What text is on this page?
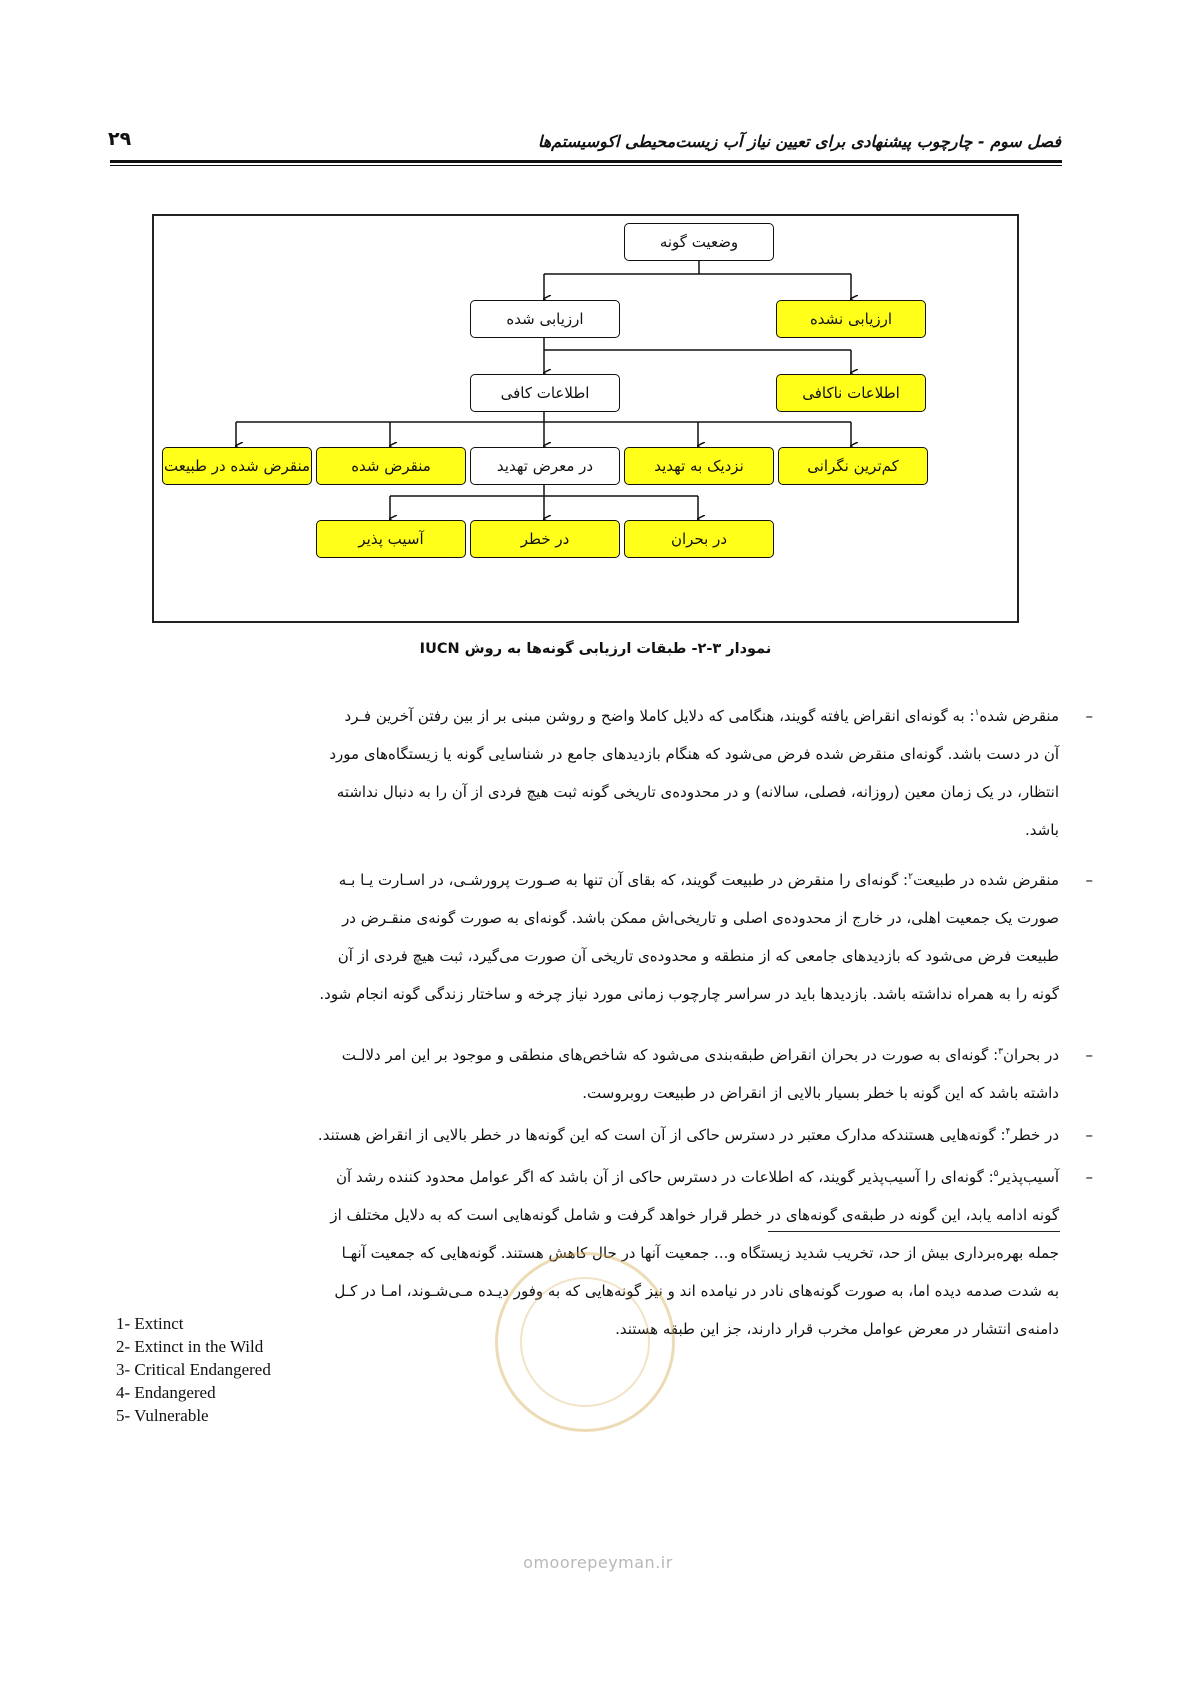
فصل سوم - چارچوب پیشنهادی برای تعیین نیاز آب زیست‌محیطی اکوسیستم‌ها
۲۹
وضعیت گونه
ارزیابی شده	ارزیابی نشده
اطلاعات کافی	اطلاعات ناکافی
منقرض شده در طبیعت	منقرض شده	در معرض تهدید	نزدیک به تهدید	کم‌ترین نگرانی
آسیب پذیر	در خطر	در بحران
نمودار ۳-۲- طبقات ارزیابی گونه‌ها به روش IUCN
–
منقرض شده$^۱$: به گونه‌ای انقراض یافته گویند، هنگامی که دلایل کاملا واضح و روشن مبنی بر از بین رفتن آخرین فـرد
آن در دست باشد. گونه‌ای منقرض شده فرض می‌شود که هنگام بازدیدهای جامع در شناسایی گونه یا زیستگاه‌های مورد
انتظار، در یک زمان معین (روزانه، فصلی، سالانه) و در محدوده‌ی تاریخی گونه ثبت هیچ فردی از آن را به دنبال نداشته
باشد.
–
منقرض شده در طبیعت$^۲$: گونه‌ای را منقرض در طبیعت گویند، که بقای آن تنها به صـورت پرورشـی، در اسـارت یـا بـه
صورت یک جمعیت اهلی، در خارج از محدوده‌ی اصلی و تاریخی‌اش ممکن باشد. گونه‌ای به صورت گونه‌ی منقـرض در
طبیعت فرض می‌شود که بازدیدهای جامعی که از منطقه و محدوده‌ی تاریخی آن صورت می‌گیرد، ثبت هیچ فردی از آن
گونه را به همراه نداشته باشد. بازدیدها باید در سراسر چارچوب زمانی مورد نیاز چرخه و ساختار زندگی گونه انجام شود.
–
در بحران$^۳$: گونه‌ای به صورت در بحران انقراض طبقه‌بندی می‌شود که شاخص‌های منطقی و موجود بر این امر دلالـت
داشته باشد که این گونه با خطر بسیار بالایی از انقراض در طبیعت روبروست.
–
در خطر$^۴$: گونه‌هایی هستندکه مدارک معتبر در دسترس حاکی از آن است که این گونه‌ها در خطر بالایی از انقراض هستند.
–
آسیب‌پذیر$^۵$: گونه‌ای را آسیب‌پذیر گویند، که اطلاعات در دسترس حاکی از آن باشد که اگر عوامل محدود کننده رشد آن
گونه ادامه یابد، این گونه در طبقه‌ی گونه‌های در خطر قرار خواهد گرفت و شامل گونه‌هایی است که به دلایل مختلف از
جمله بهره‌برداری بیش از حد، تخریب شدید زیستگاه و... جمعیت آنها در حال کاهش هستند. گونه‌هایی که جمعیت آنهـا
به شدت صدمه دیده اما، به صورت گونه‌های نادر در نیامده اند و نیز گونه‌هایی که به وفور دیـده مـی‌شـوند، امـا در کـل
دامنه‌ی انتشار در معرض عوامل مخرب قرار دارند، جز این طبقه هستند.
omoorepeyman.ir
1- Extinct
2- Extinct in the Wild
3- Critical Endangered
4- Endangered
5- Vulnerable
